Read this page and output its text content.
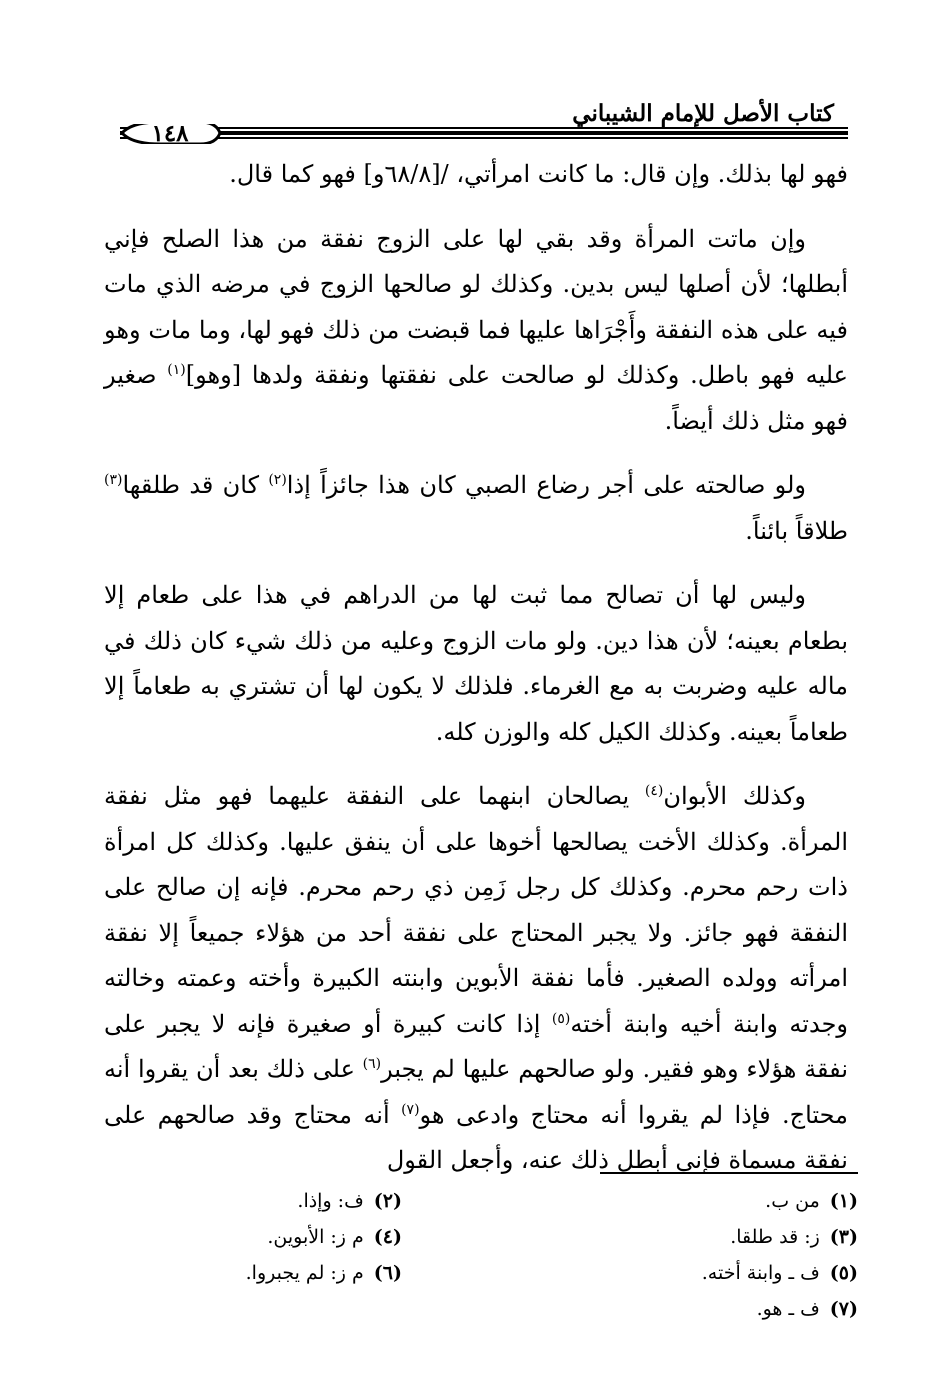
كتاب الأصل للإمام الشيباني
١٤٨

فهو لها بذلك. وإن قال: ما كانت امرأتي، /[٦٨/٨و] فهو كما قال.

وإن ماتت المرأة وقد بقي لها على الزوج نفقة من هذا الصلح فإني أبطلها؛ لأن أصلها ليس بدين. وكذلك لو صالحها الزوج في مرضه الذي مات فيه على هذه النفقة وأَجْرَاها عليها فما قبضت من ذلك فهو لها، وما مات وهو عليه فهو باطل. وكذلك لو صالحت على نفقتها ونفقة ولدها [وهو]$^{(١)}$ صغير فهو مثل ذلك أيضاً.

ولو صالحته على أجر رضاع الصبي كان هذا جائزاً إذا$^{(٢)}$ كان قد طلقها$^{(٣)}$ طلاقاً بائناً.

وليس لها أن تصالح مما ثبت لها من الدراهم في هذا على طعام إلا بطعام بعينه؛ لأن هذا دين. ولو مات الزوج وعليه من ذلك شيء كان ذلك في ماله عليه وضربت به مع الغرماء. فلذلك لا يكون لها أن تشتري به طعاماً إلا طعاماً بعينه. وكذلك الكيل كله والوزن كله.

وكذلك الأبوان$^{(٤)}$ يصالحان ابنهما على النفقة عليهما فهو مثل نفقة المرأة. وكذلك الأخت يصالحها أخوها على أن ينفق عليها. وكذلك كل امرأة ذات رحم محرم. وكذلك كل رجل زَمِن ذي رحم محرم. فإنه إن صالح على النفقة فهو جائز. ولا يجبر المحتاج على نفقة أحد من هؤلاء جميعاً إلا نفقة امرأته وولده الصغير. فأما نفقة الأبوين وابنته الكبيرة وأخته وعمته وخالته وجدته وابنة أخيه وابنة أخته$^{(٥)}$ إذا كانت كبيرة أو صغيرة فإنه لا يجبر على نفقة هؤلاء وهو فقير. ولو صالحهم عليها لم يجبر$^{(٦)}$ على ذلك بعد أن يقروا أنه محتاج. فإذا لم يقروا أنه محتاج وادعى هو$^{(٧)}$ أنه محتاج وقد صالحهم على نفقة مسماة فإني أبطل ذلك عنه، وأجعل القول

(١)من ب.
(٢)ف: وإذا.
(٣)ز: قد طلقا.
(٤)م ز: الأبوين.
(٥)ف ـ وابنة أخته.
(٦)م ز: لم يجبروا.
(٧)ف ـ هو.
